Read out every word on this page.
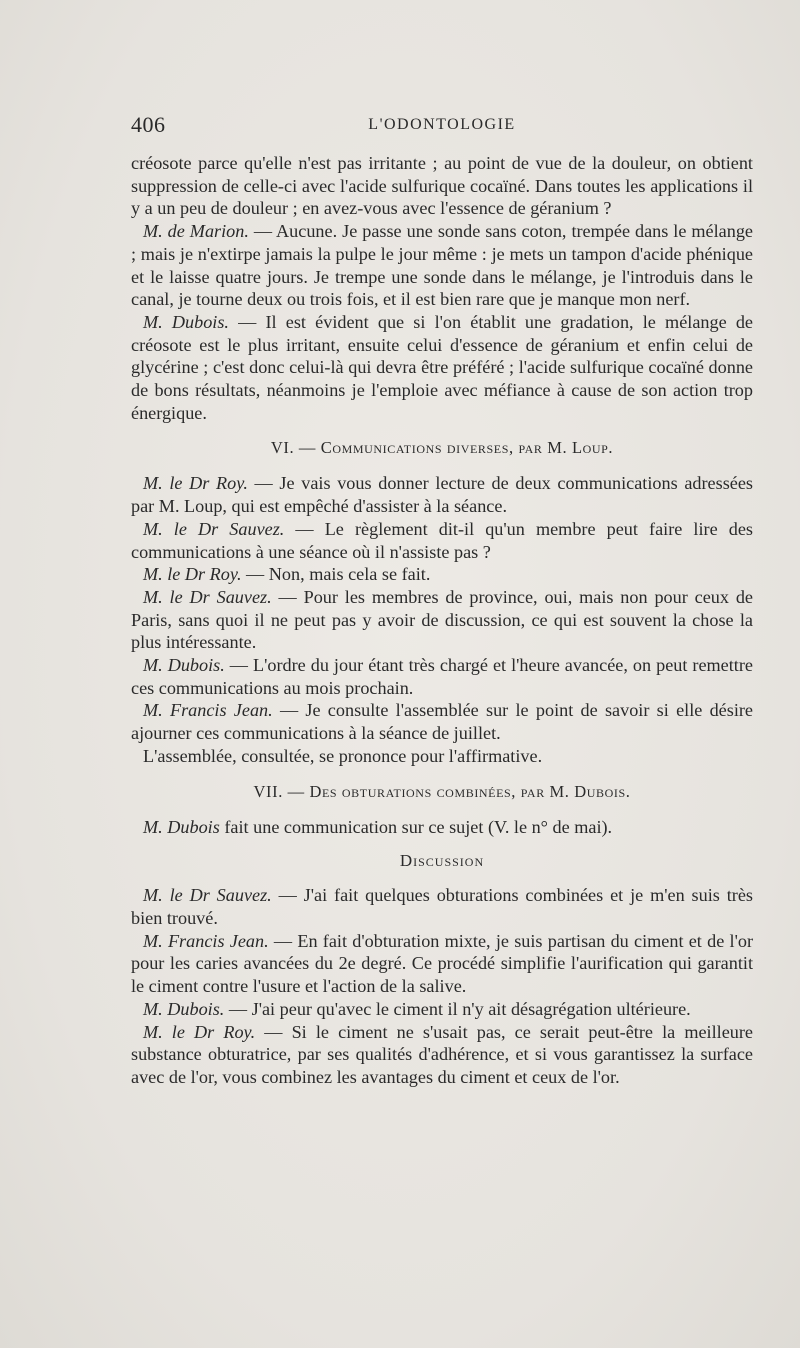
406	L'ODONTOLOGIE

créosote parce qu'elle n'est pas irritante ; au point de vue de la douleur, on obtient suppression de celle-ci avec l'acide sulfurique cocaïné. Dans toutes les applications il y a un peu de douleur ; en avez-vous avec l'essence de géranium ?

M. de Marion. — Aucune. Je passe une sonde sans coton, trempée dans le mélange ; mais je n'extirpe jamais la pulpe le jour même : je mets un tampon d'acide phénique et le laisse quatre jours. Je trempe une sonde dans le mélange, je l'introduis dans le canal, je tourne deux ou trois fois, et il est bien rare que je manque mon nerf.

M. Dubois. — Il est évident que si l'on établit une gradation, le mélange de créosote est le plus irritant, ensuite celui d'essence de géranium et enfin celui de glycérine ; c'est donc celui-là qui devra être préféré ; l'acide sulfurique cocaïné donne de bons résultats, néanmoins je l'emploie avec méfiance à cause de son action trop énergique.

VI. — Communications diverses, par M. Loup.

M. le Dr Roy. — Je vais vous donner lecture de deux communications adressées par M. Loup, qui est empêché d'assister à la séance.

M. le Dr Sauvez. — Le règlement dit-il qu'un membre peut faire lire des communications à une séance où il n'assiste pas ?

M. le Dr Roy. — Non, mais cela se fait.

M. le Dr Sauvez. — Pour les membres de province, oui, mais non pour ceux de Paris, sans quoi il ne peut pas y avoir de discussion, ce qui est souvent la chose la plus intéressante.

M. Dubois. — L'ordre du jour étant très chargé et l'heure avancée, on peut remettre ces communications au mois prochain.

M. Francis Jean. — Je consulte l'assemblée sur le point de savoir si elle désire ajourner ces communications à la séance de juillet.

L'assemblée, consultée, se prononce pour l'affirmative.

VII. — Des obturations combinées, par M. Dubois.

M. Dubois fait une communication sur ce sujet (V. le n° de mai).

Discussion

M. le Dr Sauvez. — J'ai fait quelques obturations combinées et je m'en suis très bien trouvé.

M. Francis Jean. — En fait d'obturation mixte, je suis partisan du ciment et de l'or pour les caries avancées du 2e degré. Ce procédé simplifie l'aurification qui garantit le ciment contre l'usure et l'action de la salive.

M. Dubois. — J'ai peur qu'avec le ciment il n'y ait désagrégation ultérieure.

M. le Dr Roy. — Si le ciment ne s'usait pas, ce serait peut-être la meilleure substance obturatrice, par ses qualités d'adhérence, et si vous garantissez la surface avec de l'or, vous combinez les avantages du ciment et ceux de l'or.
